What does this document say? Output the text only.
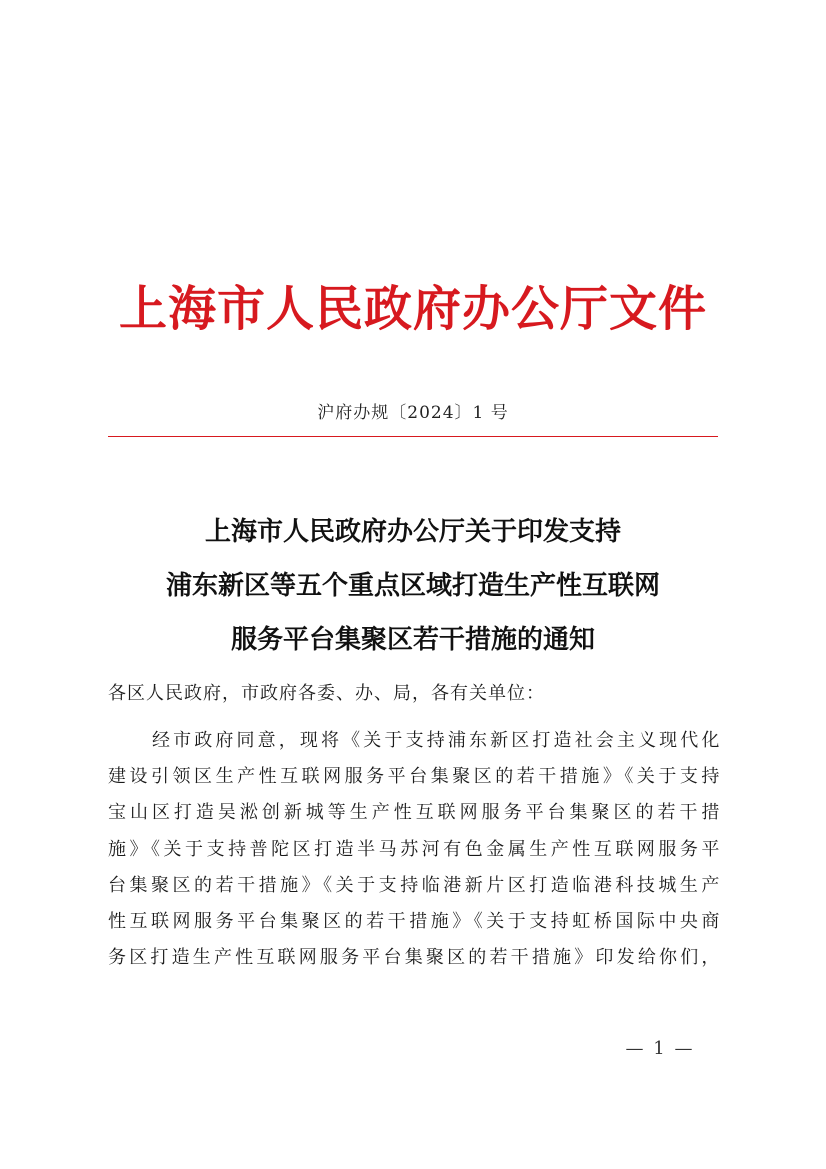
上海市人民政府办公厅文件
沪府办规〔2024〕1 号
上海市人民政府办公厅关于印发支持
浦东新区等五个重点区域打造生产性互联网
服务平台集聚区若干措施的通知
各区人民政府，市政府各委、办、局，各有关单位：
经市政府同意，现将《关于支持浦东新区打造社会主义现代化
建设引领区生产性互联网服务平台集聚区的若干措施》《关于支持
宝山区打造吴淞创新城等生产性互联网服务平台集聚区的若干措
施》《关于支持普陀区打造半马苏河有色金属生产性互联网服务平
台集聚区的若干措施》《关于支持临港新片区打造临港科技城生产
性互联网服务平台集聚区的若干措施》《关于支持虹桥国际中央商
务区打造生产性互联网服务平台集聚区的若干措施》印发给你们，
— 1 —
